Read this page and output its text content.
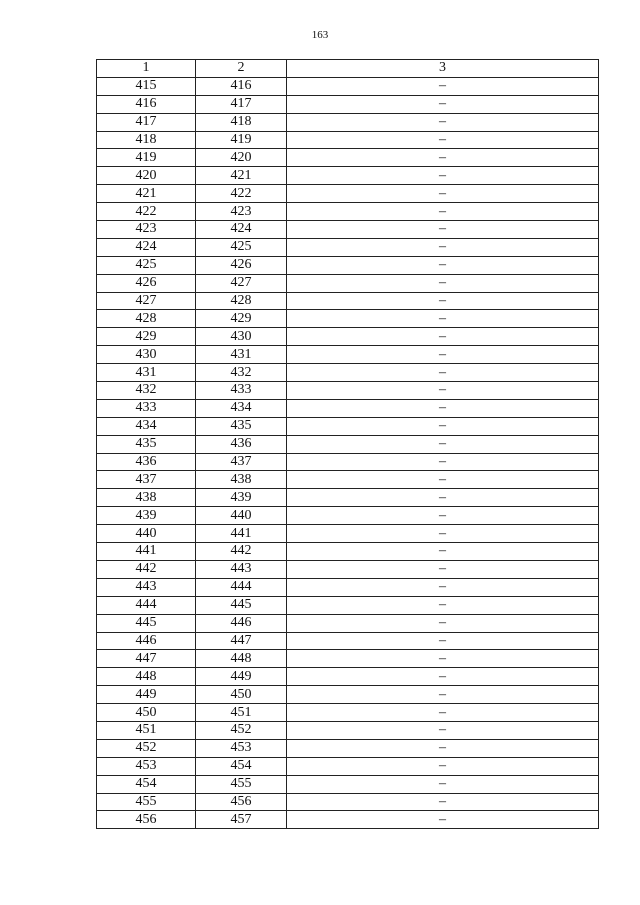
163
1	2	3
415	416	–
416	417	–
417	418	–
418	419	–
419	420	–
420	421	–
421	422	–
422	423	–
423	424	–
424	425	–
425	426	–
426	427	–
427	428	–
428	429	–
429	430	–
430	431	–
431	432	–
432	433	–
433	434	–
434	435	–
435	436	–
436	437	–
437	438	–
438	439	–
439	440	–
440	441	–
441	442	–
442	443	–
443	444	–
444	445	–
445	446	–
446	447	–
447	448	–
448	449	–
449	450	–
450	451	–
451	452	–
452	453	–
453	454	–
454	455	–
455	456	–
456	457	–
